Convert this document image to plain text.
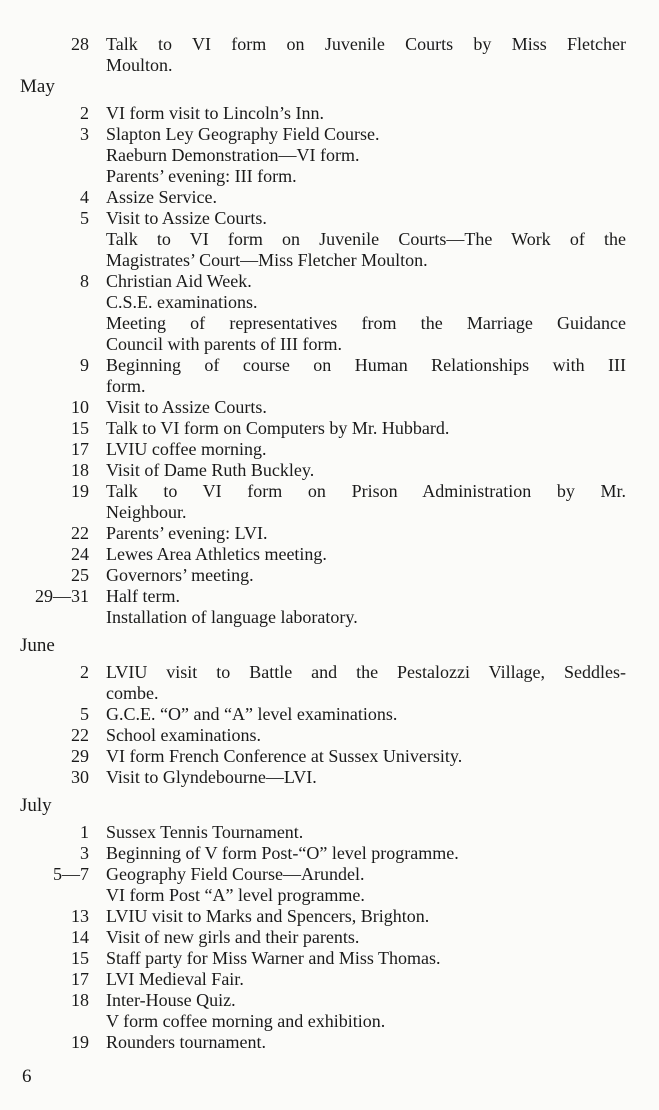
28 Talk to VI form on Juvenile Courts by Miss Fletcher
Moulton.
May
2 VI form visit to Lincoln’s Inn.
3 Slapton Ley Geography Field Course.
Raeburn Demonstration—VI form.
Parents’ evening: III form.
4 Assize Service.
5 Visit to Assize Courts.
Talk to VI form on Juvenile Courts—The Work of the
Magistrates’ Court—Miss Fletcher Moulton.
8 Christian Aid Week.
C.S.E. examinations.
Meeting of representatives from the Marriage Guidance
Council with parents of III form.
9 Beginning of course on Human Relationships with III
form.
10 Visit to Assize Courts.
15 Talk to VI form on Computers by Mr. Hubbard.
17 LVIU coffee morning.
18 Visit of Dame Ruth Buckley.
19 Talk to VI form on Prison Administration by Mr.
Neighbour.
22 Parents’ evening: LVI.
24 Lewes Area Athletics meeting.
25 Governors’ meeting.
29—31 Half term.
Installation of language laboratory.
June
2 LVIU visit to Battle and the Pestalozzi Village, Seddles-
combe.
5 G.C.E. “O” and “A” level examinations.
22 School examinations.
29 VI form French Conference at Sussex University.
30 Visit to Glyndebourne—LVI.
July
1 Sussex Tennis Tournament.
3 Beginning of V form Post-“O” level programme.
5—7 Geography Field Course—Arundel.
VI form Post “A” level programme.
13 LVIU visit to Marks and Spencers, Brighton.
14 Visit of new girls and their parents.
15 Staff party for Miss Warner and Miss Thomas.
17 LVI Medieval Fair.
18 Inter-House Quiz.
V form coffee morning and exhibition.
19 Rounders tournament.
6
